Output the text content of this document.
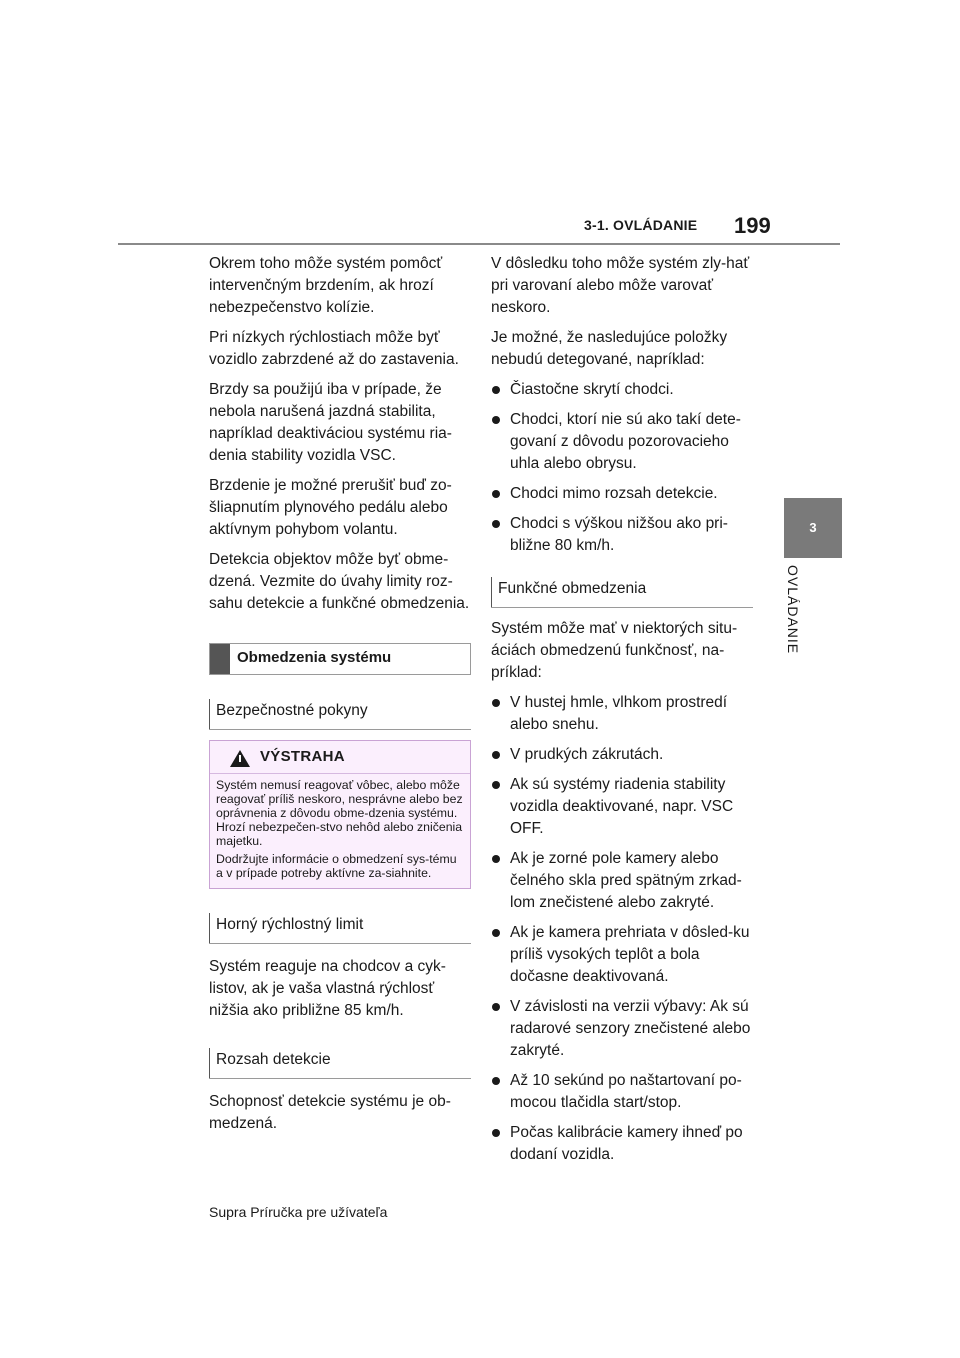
3-1. OVLÁDANIE 199
3
OVLÁDANIE

Okrem toho môže systém pomôcť intervenčným brzdením, ak hrozí nebezpečenstvo kolízie.

Pri nízkych rýchlostiach môže byť vozidlo zabrzdené až do zastavenia.

Brzdy sa použijú iba v prípade, že nebola narušená jazdná stabilita, napríklad deaktiváciou systému ria-denia stability vozidla VSC.

Brzdenie je možné prerušiť buď zo-šliapnutím plynového pedálu alebo aktívnym pohybom volantu.

Detekcia objektov môže byť obme-dzená. Vezmite do úvahy limity roz-sahu detekcie a funkčné obmedzenia.

Obmedzenia systému
Bezpečnostné pokyny
VÝSTRAHA

Systém nemusí reagovať vôbec, alebo môže reagovať príliš neskoro, nesprávne alebo bez oprávnenia z dôvodu obme-dzenia systému. Hrozí nebezpečen-stvo nehôd alebo zničenia majetku.

Dodržujte informácie o obmedzení sys-tému a v prípade potreby aktívne za-siahnite.

Horný rýchlostný limit

Systém reaguje na chodcov a cyk-listov, ak je vaša vlastná rýchlosť nižšia ako približne 85 km/h.

Rozsah detekcie

Schopnosť detekcie systému je ob-medzená.

V dôsledku toho môže systém zly-hať pri varovaní alebo môže varovať neskoro.

Je možné, že nasledujúce položky nebudú detegované, napríklad:

Čiastočne skrytí chodci.
Chodci, ktorí nie sú ako takí dete-govaní z dôvodu pozorovacieho uhla alebo obrysu.
Chodci mimo rozsah detekcie.
Chodci s výškou nižšou ako pri-bližne 80 km/h.
Funkčné obmedzenia

Systém môže mať v niektorých situ-áciách obmedzenú funkčnosť, na-príklad:

V hustej hmle, vlhkom prostredí alebo snehu.
V prudkých zákrutách.
Ak sú systémy riadenia stability vozidla deaktivované, napr. VSC OFF.
Ak je zorné pole kamery alebo čelného skla pred spätným zrkad-lom znečistené alebo zakryté.
Ak je kamera prehriata v dôsled-ku príliš vysokých teplôt a bola dočasne deaktivovaná.
V závislosti na verzii výbavy: Ak sú radarové senzory znečistené alebo zakryté.
Až 10 sekúnd po naštartovaní po-mocou tlačidla start/stop.
Počas kalibrácie kamery ihneď po dodaní vozidla.
Supra Príručka pre užívateľa
